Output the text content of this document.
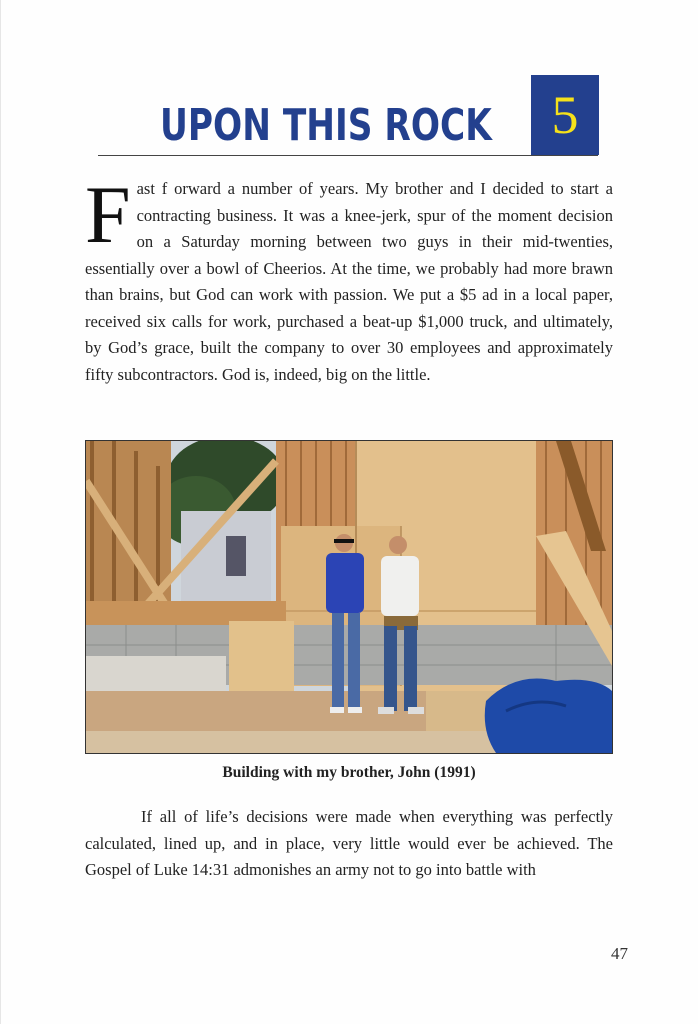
UPON THIS ROCK 5
Fast f orward a number of years. My brother and I decided to start a contracting business. It was a knee-jerk, spur of the moment decision on a Saturday morning between two guys in their mid-twenties, essentially over a bowl of Cheerios. At the time, we probably had more brawn than brains, but God can work with passion. We put a $5 ad in a local paper, received six calls for work, purchased a beat-up $1,000 truck, and ultimately, by God’s grace, built the company to over 30 employees and approximately fifty subcontractors. God is, indeed, big on the little.
Building with my brother, John (1991)
If all of life’s decisions were made when everything was perfectly calculated, lined up, and in place, very little would ever be achieved. The Gospel of Luke 14:31 admonishes an army not to go into battle with
47
